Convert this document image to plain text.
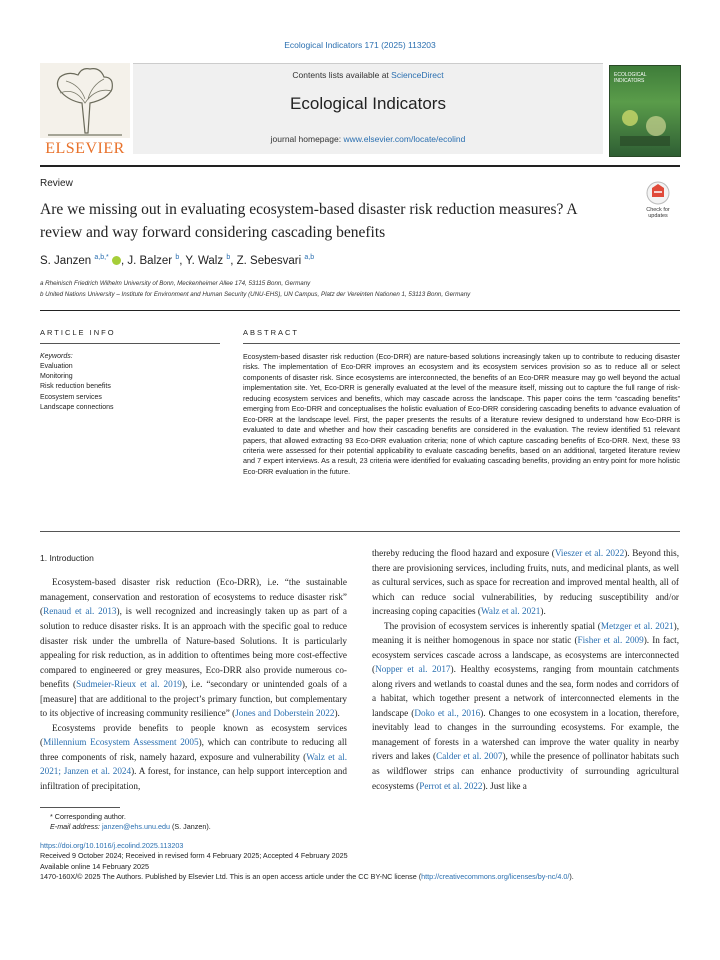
Ecological Indicators 171 (2025) 113203
ELSEVIER
Contents lists available at ScienceDirect
Ecological Indicators
journal homepage: www.elsevier.com/locate/ecolind
ECOLOGICAL INDICATORS
Review
Are we missing out in evaluating ecosystem-based disaster risk reduction measures? A review and way forward considering cascading benefits
Check for
updates
S. Janzen $^{a,b,*}$ , J. Balzer $^b$, Y. Walz $^b$, Z. Sebesvari $^{a,b}$
a Rheinisch Friedrich Wilhelm University of Bonn, Meckenheimer Allee 174, 53115 Bonn, Germany
b United Nations University – Institute for Environment and Human Security (UNU-EHS), UN Campus, Platz der Vereinten Nationen 1, 53113 Bonn, Germany
ARTICLE INFO	ABSTRACT
Keywords:
Evaluation
Monitoring
Risk reduction benefits
Ecosystem services
Landscape connections
Ecosystem-based disaster risk reduction (Eco-DRR) are nature-based solutions increasingly taken up to contribute to reducing disaster risks. The implementation of Eco-DRR improves an ecosystem and its ecosystem services provision so as to reduce all or select components of disaster risk. Since ecosystems are interconnected, the benefits of an Eco-DRR measure may go well beyond the actual implementation site. Yet, Eco-DRR is generally evaluated at the level of the measure itself, missing out to capture the full range of risk-reducing ecosystem services and benefits, which may cascade across the landscape. This paper coins the term “cascading benefits” emerging from Eco-DRR and conceptualises the holistic evaluation of Eco-DRR considering cascading benefits to advance evaluation of Eco-DRR at the landscape level. First, the paper presents the results of a literature review designed to understand how Eco-DRR is evaluated to date and whether and how their cascading benefits are considered in the evaluation. The review identified 51 relevant papers, that allowed extracting 93 Eco-DRR evaluation criteria; none of which capture cascading benefits of Eco-DRR. Next, these 93 criteria were assessed for their potential applicability to evaluate cascading benefits, based on an additional, targeted literature review and 7 expert interviews. As a result, 23 criteria were identified for evaluating cascading benefits, providing an entry point for more holistic Eco-DRR evaluation in the future.

1. Introduction

Ecosystem-based disaster risk reduction (Eco-DRR), i.e. “the sustainable management, conservation and restoration of ecosystems to reduce disaster risk” (Renaud et al. 2013), is well recognized and increasingly taken up as part of a solution to reduce disaster risks. It is an approach with the specific goal to reduce disaster risk under the umbrella of Nature-based Solutions. It is particularly appealing for risk reduction, as in addition to oftentimes being more cost-effective compared to engineered or grey measures, Eco-DRR also provide numerous co-benefits (Sudmeier-Rieux et al. 2019), i.e. “secondary or unintended goals of a [measure] that are additional to the project’s primary function, but complementary to its objective of increasing community resilience” (Jones and Doberstein 2022).

Ecosystems provide benefits to people known as ecosystem services (Millennium Ecosystem Assessment 2005), which can contribute to reducing all three components of risk, namely hazard, exposure and vulnerability (Walz et al. 2021; Janzen et al. 2024). A forest, for instance, can help support interception and infiltration of precipitation,

thereby reducing the flood hazard and exposure (Vieszer et al. 2022). Beyond this, there are provisioning services, including fruits, nuts, and medicinal plants, as well as cultural services, such as space for recreation and improved mental health, all of which can reduce social vulnerabilities, by reducing susceptibility and/or increasing coping capacities (Walz et al. 2021).

The provision of ecosystem services is inherently spatial (Metzger et al. 2021), meaning it is neither homogenous in space nor static (Fisher et al. 2009). In fact, ecosystem services cascade across a landscape, as ecosystems are interconnected (Nopper et al. 2017). Healthy ecosystems, ranging from mountain catchments along rivers and wetlands to coastal dunes and the sea, form nodes and corridors of a habitat, which together present a network of interconnected elements in the landscape (Doko et al., 2016). Changes to one ecosystem in a location, therefore, inevitably lead to changes in the surrounding ecosystems. For example, the management of forests in a watershed can improve the water quality in nearby rivers and lakes (Calder et al. 2007), while the presence of pollinator habitats such as wildflower strips can enhance productivity of surrounding agricultural ecosystems (Perrot et al. 2022). Just like a

* Corresponding author.
E-mail address: janzen@ehs.unu.edu (S. Janzen).
https://doi.org/10.1016/j.ecolind.2025.113203
Received 9 October 2024; Received in revised form 4 February 2025; Accepted 4 February 2025
Available online 14 February 2025
1470-160X/© 2025 The Authors. Published by Elsevier Ltd. This is an open access article under the CC BY-NC license (http://creativecommons.org/licenses/by-nc/4.0/).
